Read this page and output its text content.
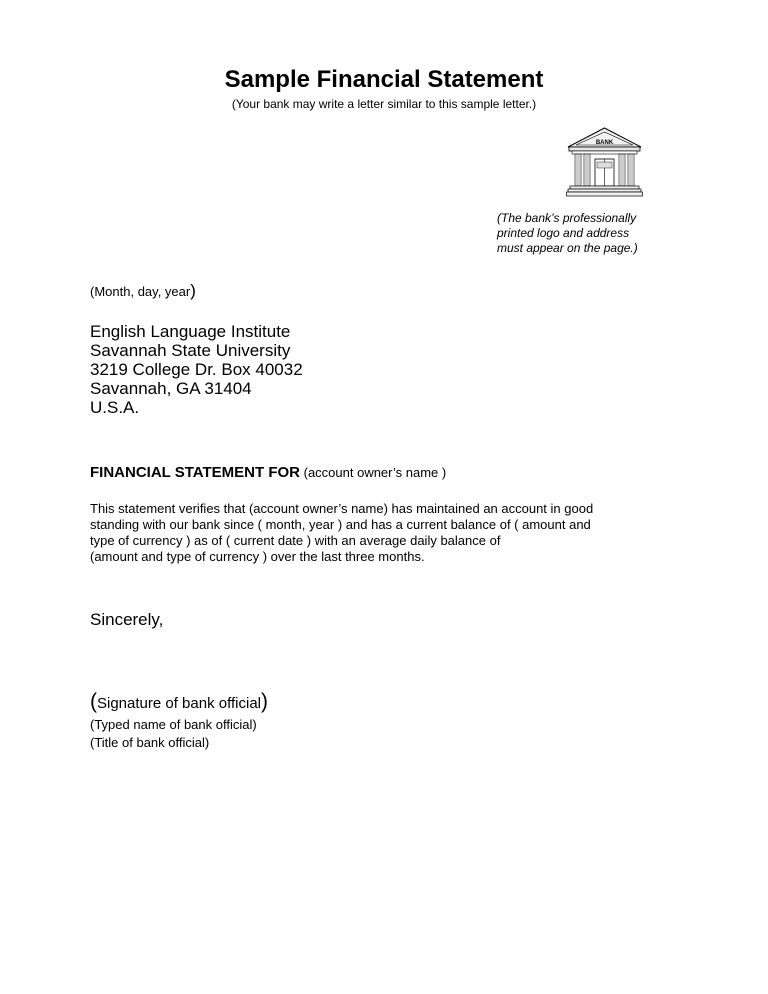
Sample Financial Statement
(Your bank may write a letter similar to this sample letter.)
BANK
(The bank’s professionally
printed logo and address
must appear on the page.)
(Month, day, year)
English Language Institute
Savannah State University
3219 College Dr. Box 40032
Savannah, GA 31404
U.S.A.
FINANCIAL STATEMENT FOR (account owner’s name )
This statement verifies that (account owner’s name) has maintained an account in good
standing with our bank since ( month, year ) and has a current balance of ( amount and
type of currency ) as of ( current date ) with an average daily balance of
(amount and type of currency ) over the last three months.
Sincerely,
(Signature of bank official)
(Typed name of bank official)
(Title of bank official)
